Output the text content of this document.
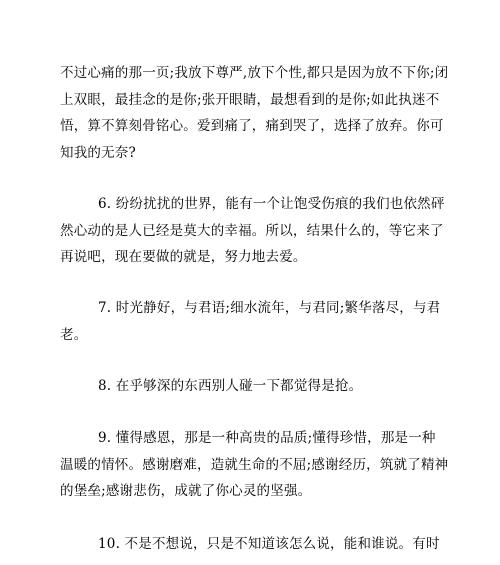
不过心痛的那一页;我放下尊严,放下个性,都只是因为放不下你;闭
上双眼，最挂念的是你;张开眼睛，最想看到的是你;如此执迷不
悟，算不算刻骨铭心。爱到痛了，痛到哭了，选择了放弃。你可
知我的无奈?
6. 纷纷扰扰的世界，能有一个让饱受伤痕的我们也依然砰
然心动的是人已经是莫大的幸福。所以，结果什么的，等它来了
再说吧，现在要做的就是，努力地去爱。
7. 时光静好，与君语;细水流年，与君同;繁华落尽，与君
老。
8. 在乎够深的东西别人碰一下都觉得是抢。
9. 懂得感恩，那是一种高贵的品质;懂得珍惜，那是一种
温暖的情怀。感谢磨难，造就生命的不屈;感谢经历，筑就了精神
的堡垒;感谢悲伤，成就了你心灵的坚强。
10. 不是不想说，只是不知道该怎么说，能和谁说。有时
